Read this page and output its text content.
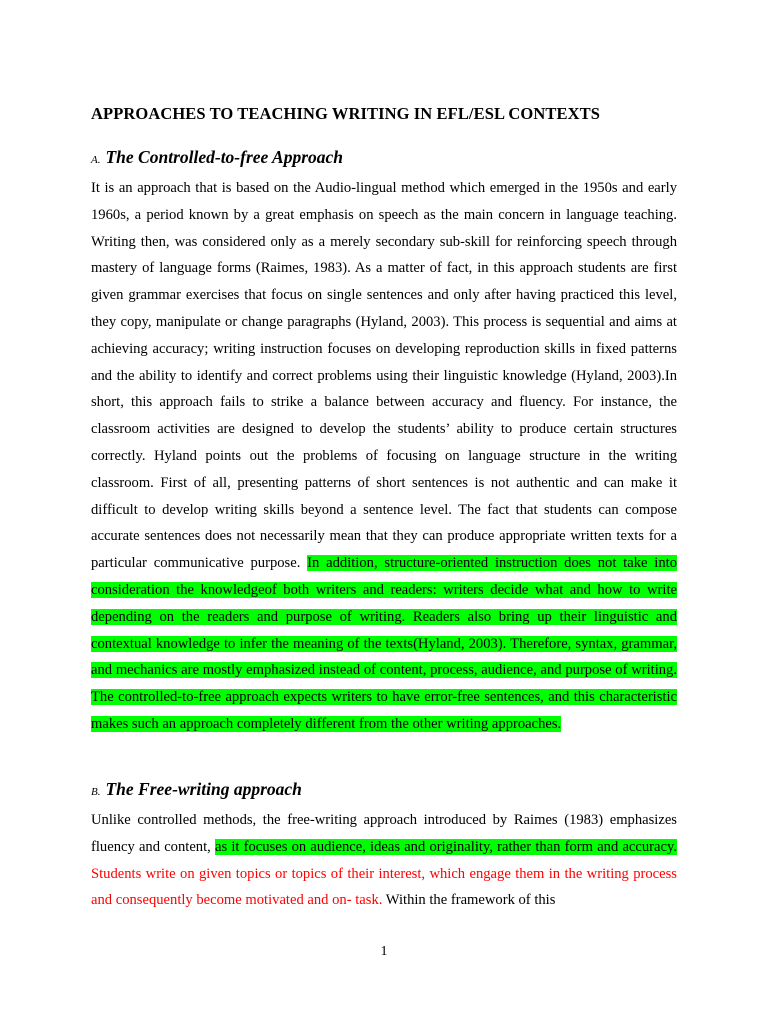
APPROACHES TO TEACHING WRITING IN EFL/ESL CONTEXTS
A. The Controlled-to-free Approach

It is an approach that is based on the Audio-lingual method which emerged in the 1950s and early 1960s, a period known by a great emphasis on speech as the main concern in language teaching. Writing then, was considered only as a merely secondary sub-skill for reinforcing speech through mastery of language forms (Raimes, 1983). As a matter of fact, in this approach students are first given grammar exercises that focus on single sentences and only after having practiced this level, they copy, manipulate or change paragraphs (Hyland, 2003). This process is sequential and aims at achieving accuracy; writing instruction focuses on developing reproduction skills in fixed patterns and the ability to identify and correct problems using their linguistic knowledge (Hyland, 2003).In short, this approach fails to strike a balance between accuracy and fluency. For instance, the classroom activities are designed to develop the students’ ability to produce certain structures correctly. Hyland points out the problems of focusing on language structure in the writing classroom. First of all, presenting patterns of short sentences is not authentic and can make it difficult to develop writing skills beyond a sentence level. The fact that students can compose accurate sentences does not necessarily mean that they can produce appropriate written texts for a particular communicative purpose. In addition, structure-oriented instruction does not take into consideration the knowledgeof both writers and readers: writers decide what and how to write depending on the readers and purpose of writing. Readers also bring up their linguistic and contextual knowledge to infer the meaning of the texts(Hyland, 2003). Therefore, syntax, grammar, and mechanics are mostly emphasized instead of content, process, audience, and purpose of writing. The controlled-to-free approach expects writers to have error-free sentences, and this characteristic makes such an approach completely different from the other writing approaches.

B. The Free-writing approach

Unlike controlled methods, the free-writing approach introduced by Raimes (1983) emphasizes fluency and content, as it focuses on audience, ideas and originality, rather than form and accuracy. Students write on given topics or topics of their interest, which engage them in the writing process and consequently become motivated and on- task. Within the framework of this

1
